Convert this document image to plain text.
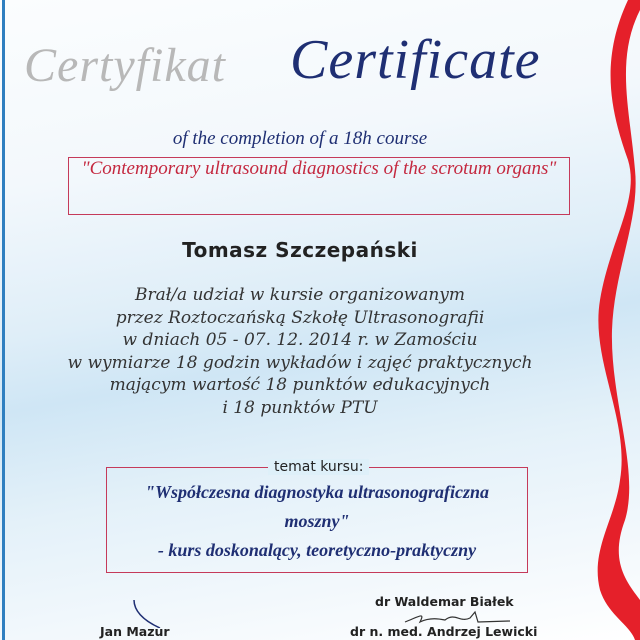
Certyfikat Certificate
of the completion of a 18h course
"Contemporary ultrasound diagnostics of the scrotum organs"
Tomasz Szczepański
Brał/a udział w kursie organizowanym
przez Roztoczańską Szkołę Ultrasonografii
w dniach 05 - 07. 12. 2014 r. w Zamościu
w wymiarze 18 godzin wykładów i zajęć praktycznych
mającym wartość 18 punktów edukacyjnych
i 18 punktów PTU
temat kursu:
"Współczesna diagnostyka ultrasonograficzna
moszny"
- kurs doskonalący, teoretyczno-praktyczny
Jan Mazur
dr Waldemar Białek
dr n. med. Andrzej Lewicki
